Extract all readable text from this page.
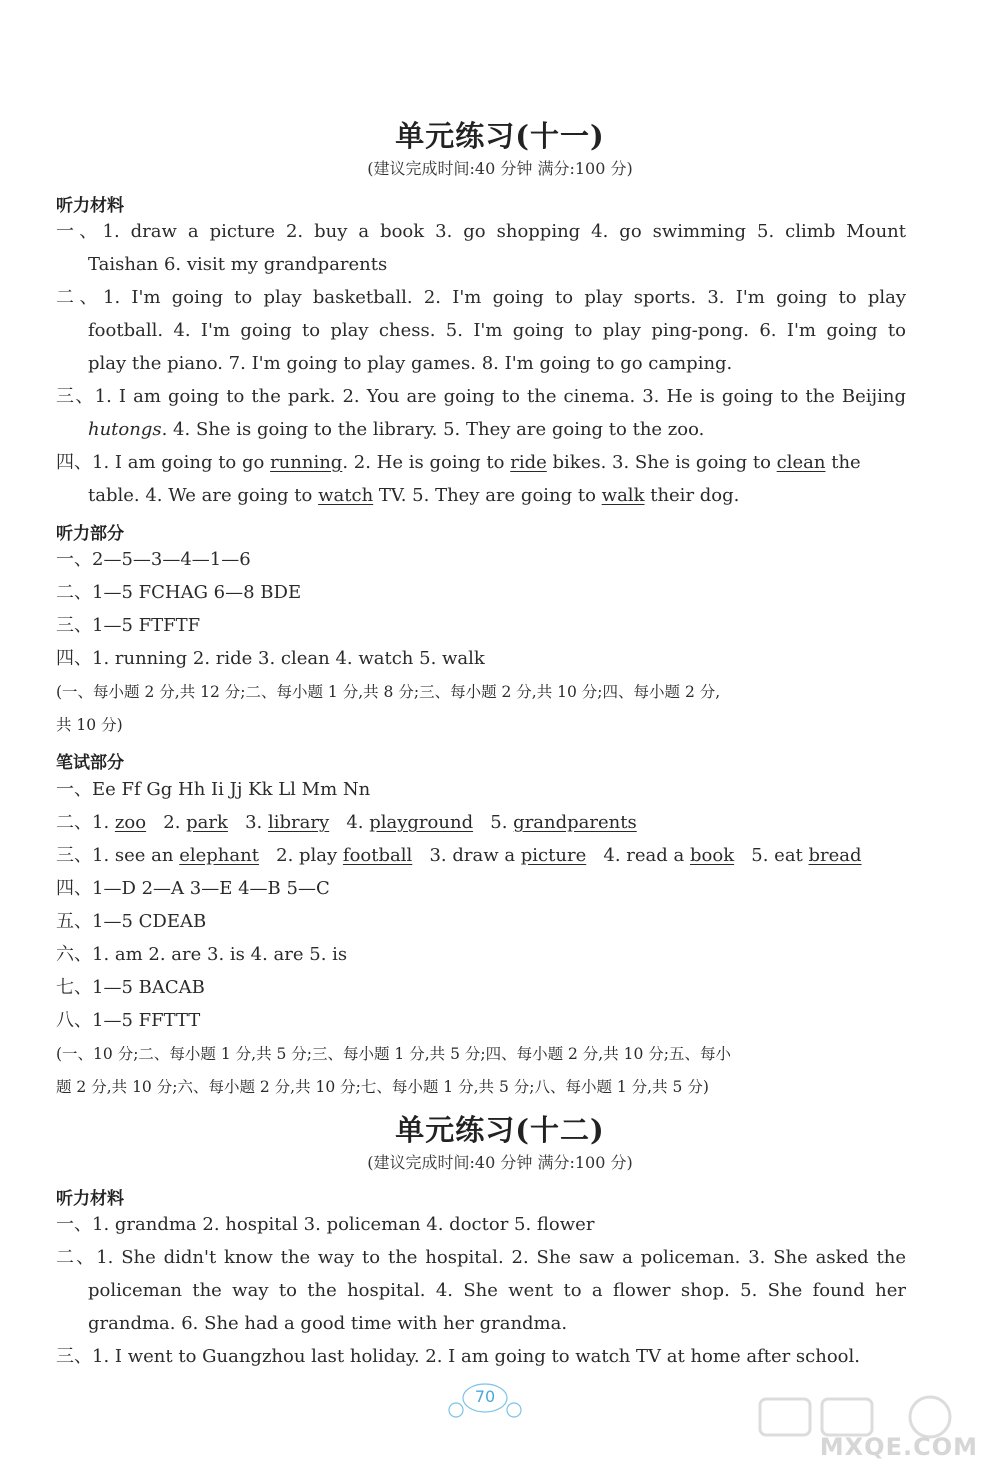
单元练习(十一)
(建议完成时间:40 分钟 满分:100 分)
听力材料
一、1. draw a picture 2. buy a book 3. go shopping 4. go swimming 5. climb Mount
Taishan 6. visit my grandparents
二、1. I'm going to play basketball. 2. I'm going to play sports. 3. I'm going to play
football. 4. I'm going to play chess. 5. I'm going to play ping-pong. 6. I'm going to
play the piano. 7. I'm going to play games. 8. I'm going to go camping.
三、1. I am going to the park. 2. You are going to the cinema. 3. He is going to the Beijing
hutongs. 4. She is going to the library. 5. They are going to the zoo.
四、1. I am going to go running. 2. He is going to ride bikes. 3. She is going to clean the
table. 4. We are going to watch TV. 5. They are going to walk their dog.
听力部分
一、2—5—3—4—1—6
二、1—5 FCHAG 6—8 BDE
三、1—5 FTFTF
四、1. running 2. ride 3. clean 4. watch 5. walk
(一、每小题 2 分,共 12 分;二、每小题 1 分,共 8 分;三、每小题 2 分,共 10 分;四、每小题 2 分,
共 10 分)
笔试部分
一、Ee Ff Gg Hh Ii Jj Kk Ll Mm Nn
二、1. zoo 2. park 3. library 4. playground 5. grandparents
三、1. see an elephant 2. play football 3. draw a picture 4. read a book 5. eat bread
四、1—D 2—A 3—E 4—B 5—C
五、1—5 CDEAB
六、1. am 2. are 3. is 4. are 5. is
七、1—5 BACAB
八、1—5 FFTTT
(一、10 分;二、每小题 1 分,共 5 分;三、每小题 1 分,共 5 分;四、每小题 2 分,共 10 分;五、每小
题 2 分,共 10 分;六、每小题 2 分,共 10 分;七、每小题 1 分,共 5 分;八、每小题 1 分,共 5 分)
单元练习(十二)
(建议完成时间:40 分钟 满分:100 分)
听力材料
一、1. grandma 2. hospital 3. policeman 4. doctor 5. flower
二、1. She didn't know the way to the hospital. 2. She saw a policeman. 3. She asked the
policeman the way to the hospital. 4. She went to a flower shop. 5. She found her
grandma. 6. She had a good time with her grandma.
三、1. I went to Guangzhou last holiday. 2. I am going to watch TV at home after school.
70
MXQE.COM
